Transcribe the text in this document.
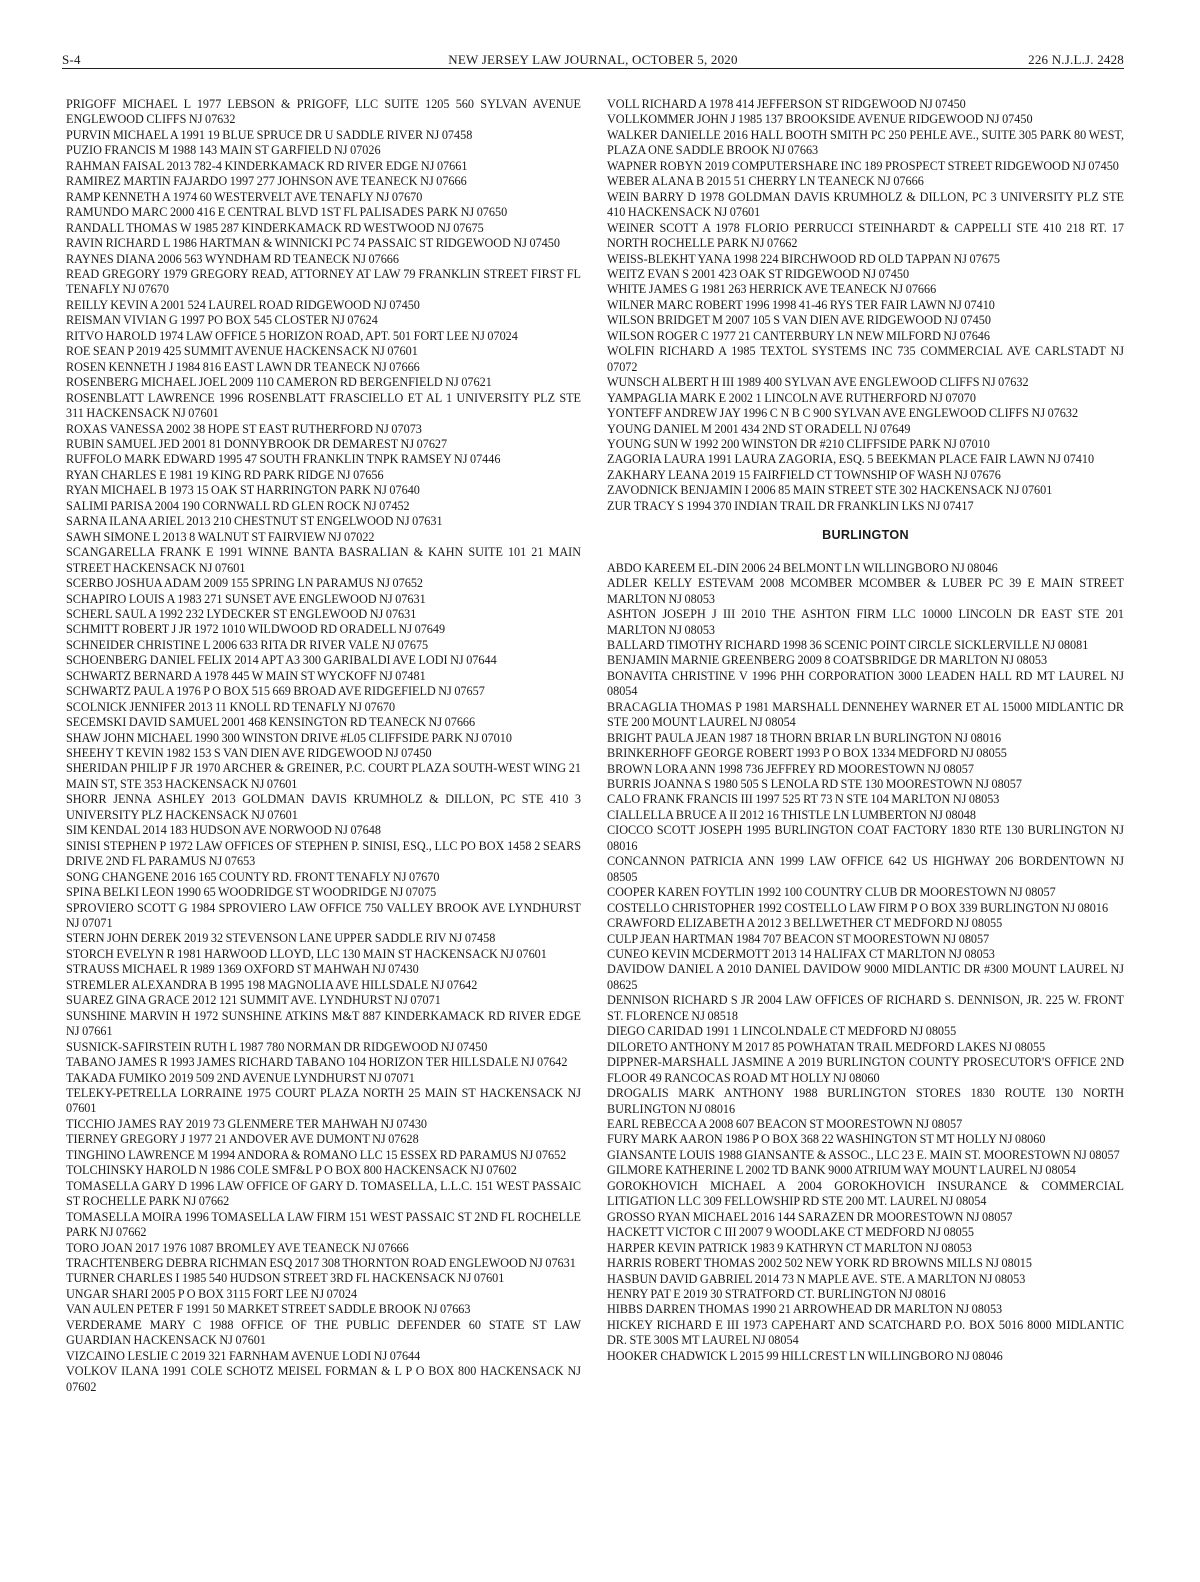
S-4	NEW JERSEY LAW JOURNAL, OCTOBER 5, 2020	226 N.J.L.J. 2428
PRIGOFF MICHAEL L 1977 LEBSON & PRIGOFF, LLC SUITE 1205 560 SYLVAN AVENUE ENGLEWOOD CLIFFS NJ 07632
PURVIN MICHAEL A 1991 19 BLUE SPRUCE DR U SADDLE RIVER NJ 07458
PUZIO FRANCIS M 1988 143 MAIN ST GARFIELD NJ 07026
RAHMAN FAISAL 2013 782-4 KINDERKAMACK RD RIVER EDGE NJ 07661
RAMIREZ MARTIN FAJARDO 1997 277 JOHNSON AVE TEANECK NJ 07666
RAMP KENNETH A 1974 60 WESTERVELT AVE TENAFLY NJ 07670
RAMUNDO MARC 2000 416 E CENTRAL BLVD 1ST FL PALISADES PARK NJ 07650
RANDALL THOMAS W 1985 287 KINDERKAMACK RD WESTWOOD NJ 07675
RAVIN RICHARD L 1986 HARTMAN & WINNICKI PC 74 PASSAIC ST RIDGEWOOD NJ 07450
RAYNES DIANA 2006 563 WYNDHAM RD TEANECK NJ 07666
READ GREGORY 1979 GREGORY READ, ATTORNEY AT LAW 79 FRANKLIN STREET FIRST FL TENAFLY NJ 07670
REILLY KEVIN A 2001 524 LAUREL ROAD RIDGEWOOD NJ 07450
REISMAN VIVIAN G 1997 PO BOX 545 CLOSTER NJ 07624
RITVO HAROLD 1974 LAW OFFICE 5 HORIZON ROAD, APT. 501 FORT LEE NJ 07024
ROE SEAN P 2019 425 SUMMIT AVENUE HACKENSACK NJ 07601
ROSEN KENNETH J 1984 816 EAST LAWN DR TEANECK NJ 07666
ROSENBERG MICHAEL JOEL 2009 110 CAMERON RD BERGENFIELD NJ 07621
ROSENBLATT LAWRENCE 1996 ROSENBLATT FRASCIELLO ET AL 1 UNIVERSITY PLZ STE 311 HACKENSACK NJ 07601
ROXAS VANESSA 2002 38 HOPE ST EAST RUTHERFORD NJ 07073
RUBIN SAMUEL JED 2001 81 DONNYBROOK DR DEMAREST NJ 07627
RUFFOLO MARK EDWARD 1995 47 SOUTH FRANKLIN TNPK RAMSEY NJ 07446
RYAN CHARLES E 1981 19 KING RD PARK RIDGE NJ 07656
RYAN MICHAEL B 1973 15 OAK ST HARRINGTON PARK NJ 07640
SALIMI PARISA 2004 190 CORNWALL RD GLEN ROCK NJ 07452
SARNA ILANA ARIEL 2013 210 CHESTNUT ST ENGELWOOD NJ 07631
SAWH SIMONE L 2013 8 WALNUT ST FAIRVIEW NJ 07022
SCANGARELLA FRANK E 1991 WINNE BANTA BASRALIAN & KAHN SUITE 101 21 MAIN STREET HACKENSACK NJ 07601
SCERBO JOSHUA ADAM 2009 155 SPRING LN PARAMUS NJ 07652
SCHAPIRO LOUIS A 1983 271 SUNSET AVE ENGLEWOOD NJ 07631
SCHERL SAUL A 1992 232 LYDECKER ST ENGLEWOOD NJ 07631
SCHMITT ROBERT J JR 1972 1010 WILDWOOD RD ORADELL NJ 07649
SCHNEIDER CHRISTINE L 2006 633 RITA DR RIVER VALE NJ 07675
SCHOENBERG DANIEL FELIX 2014 APT A3 300 GARIBALDI AVE LODI NJ 07644
SCHWARTZ BERNARD A 1978 445 W MAIN ST WYCKOFF NJ 07481
SCHWARTZ PAUL A 1976 P O BOX 515 669 BROAD AVE RIDGEFIELD NJ 07657
SCOLNICK JENNIFER 2013 11 KNOLL RD TENAFLY NJ 07670
SECEMSKI DAVID SAMUEL 2001 468 KENSINGTON RD TEANECK NJ 07666
SHAW JOHN MICHAEL 1990 300 WINSTON DRIVE #L05 CLIFFSIDE PARK NJ 07010
SHEEHY T KEVIN 1982 153 S VAN DIEN AVE RIDGEWOOD NJ 07450
SHERIDAN PHILIP F JR 1970 ARCHER & GREINER, P.C. COURT PLAZA SOUTH-WEST WING 21 MAIN ST, STE 353 HACKENSACK NJ 07601
SHORR JENNA ASHLEY 2013 GOLDMAN DAVIS KRUMHOLZ & DILLON, PC STE 410 3 UNIVERSITY PLZ HACKENSACK NJ 07601
SIM KENDAL 2014 183 HUDSON AVE NORWOOD NJ 07648
SINISI STEPHEN P 1972 LAW OFFICES OF STEPHEN P. SINISI, ESQ., LLC PO BOX 1458 2 SEARS DRIVE 2ND FL PARAMUS NJ 07653
SONG CHANGENE 2016 165 COUNTY RD. FRONT TENAFLY NJ 07670
SPINA BELKI LEON 1990 65 WOODRIDGE ST WOODRIDGE NJ 07075
SPROVIERO SCOTT G 1984 SPROVIERO LAW OFFICE 750 VALLEY BROOK AVE LYNDHURST NJ 07071
STERN JOHN DEREK 2019 32 STEVENSON LANE UPPER SADDLE RIV NJ 07458
STORCH EVELYN R 1981 HARWOOD LLOYD, LLC 130 MAIN ST HACKENSACK NJ 07601
STRAUSS MICHAEL R 1989 1369 OXFORD ST MAHWAH NJ 07430
STREMLER ALEXANDRA B 1995 198 MAGNOLIA AVE HILLSDALE NJ 07642
SUAREZ GINA GRACE 2012 121 SUMMIT AVE. LYNDHURST NJ 07071
SUNSHINE MARVIN H 1972 SUNSHINE ATKINS M&T 887 KINDERKAMACK RD RIVER EDGE NJ 07661
SUSNICK-SAFIRSTEIN RUTH L 1987 780 NORMAN DR RIDGEWOOD NJ 07450
TABANO JAMES R 1993 JAMES RICHARD TABANO 104 HORIZON TER HILLSDALE NJ 07642
TAKADA FUMIKO 2019 509 2ND AVENUE LYNDHURST NJ 07071
TELEKY-PETRELLA LORRAINE 1975 COURT PLAZA NORTH 25 MAIN ST HACKENSACK NJ 07601
TICCHIO JAMES RAY 2019 73 GLENMERE TER MAHWAH NJ 07430
TIERNEY GREGORY J 1977 21 ANDOVER AVE DUMONT NJ 07628
TINGHINO LAWRENCE M 1994 ANDORA & ROMANO LLC 15 ESSEX RD PARAMUS NJ 07652
TOLCHINSKY HAROLD N 1986 COLE SMF&L P O BOX 800 HACKENSACK NJ 07602
TOMASELLA GARY D 1996 LAW OFFICE OF GARY D. TOMASELLA, L.L.C. 151 WEST PASSAIC ST ROCHELLE PARK NJ 07662
TOMASELLA MOIRA 1996 TOMASELLA LAW FIRM 151 WEST PASSAIC ST 2ND FL ROCHELLE PARK NJ 07662
TORO JOAN 2017 1976 1087 BROMLEY AVE TEANECK NJ 07666
TRACHTENBERG DEBRA RICHMAN ESQ 2017 308 THORNTON ROAD ENGLEWOOD NJ 07631
TURNER CHARLES I 1985 540 HUDSON STREET 3RD FL HACKENSACK NJ 07601
UNGAR SHARI 2005 P O BOX 3115 FORT LEE NJ 07024
VAN AULEN PETER F 1991 50 MARKET STREET SADDLE BROOK NJ 07663
VERDERAME MARY C 1988 OFFICE OF THE PUBLIC DEFENDER 60 STATE ST LAW GUARDIAN HACKENSACK NJ 07601
VIZCAINO LESLIE C 2019 321 FARNHAM AVENUE LODI NJ 07644
VOLKOV ILANA 1991 COLE SCHOTZ MEISEL FORMAN & L P O BOX 800 HACKENSACK NJ 07602
VOLL RICHARD A 1978 414 JEFFERSON ST RIDGEWOOD NJ 07450
VOLLKOMMER JOHN J 1985 137 BROOKSIDE AVENUE RIDGEWOOD NJ 07450
WALKER DANIELLE 2016 HALL BOOTH SMITH PC 250 PEHLE AVE., SUITE 305 PARK 80 WEST, PLAZA ONE SADDLE BROOK NJ 07663
WAPNER ROBYN 2019 COMPUTERSHARE INC 189 PROSPECT STREET RIDGEWOOD NJ 07450
WEBER ALANA B 2015 51 CHERRY LN TEANECK NJ 07666
WEIN BARRY D 1978 GOLDMAN DAVIS KRUMHOLZ & DILLON, PC 3 UNIVERSITY PLZ STE 410 HACKENSACK NJ 07601
WEINER SCOTT A 1978 FLORIO PERRUCCI STEINHARDT & CAPPELLI STE 410 218 RT. 17 NORTH ROCHELLE PARK NJ 07662
WEISS-BLEKHT YANA 1998 224 BIRCHWOOD RD OLD TAPPAN NJ 07675
WEITZ EVAN S 2001 423 OAK ST RIDGEWOOD NJ 07450
WHITE JAMES G 1981 263 HERRICK AVE TEANECK NJ 07666
WILNER MARC ROBERT 1996 1998 41-46 RYS TER FAIR LAWN NJ 07410
WILSON BRIDGET M 2007 105 S VAN DIEN AVE RIDGEWOOD NJ 07450
WILSON ROGER C 1977 21 CANTERBURY LN NEW MILFORD NJ 07646
WOLFIN RICHARD A 1985 TEXTOL SYSTEMS INC 735 COMMERCIAL AVE CARLSTADT NJ 07072
WUNSCH ALBERT H III 1989 400 SYLVAN AVE ENGLEWOOD CLIFFS NJ 07632
YAMPAGLIA MARK E 2002 1 LINCOLN AVE RUTHERFORD NJ 07070
YONTEFF ANDREW JAY 1996 C N B C 900 SYLVAN AVE ENGLEWOOD CLIFFS NJ 07632
YOUNG DANIEL M 2001 434 2ND ST ORADELL NJ 07649
YOUNG SUN W 1992 200 WINSTON DR #210 CLIFFSIDE PARK NJ 07010
ZAGORIA LAURA 1991 LAURA ZAGORIA, ESQ. 5 BEEKMAN PLACE FAIR LAWN NJ 07410
ZAKHARY LEANA 2019 15 FAIRFIELD CT TOWNSHIP OF WASH NJ 07676
ZAVODNICK BENJAMIN I 2006 85 MAIN STREET STE 302 HACKENSACK NJ 07601
ZUR TRACY S 1994 370 INDIAN TRAIL DR FRANKLIN LKS NJ 07417
BURLINGTON
ABDO KAREEM EL-DIN 2006 24 BELMONT LN WILLINGBORO NJ 08046
ADLER KELLY ESTEVAM 2008 MCOMBER MCOMBER & LUBER PC 39 E MAIN STREET MARLTON NJ 08053
ASHTON JOSEPH J III 2010 THE ASHTON FIRM LLC 10000 LINCOLN DR EAST STE 201 MARLTON NJ 08053
BALLARD TIMOTHY RICHARD 1998 36 SCENIC POINT CIRCLE SICKLERVILLE NJ 08081
BENJAMIN MARNIE GREENBERG 2009 8 COATSBRIDGE DR MARLTON NJ 08053
BONAVITA CHRISTINE V 1996 PHH CORPORATION 3000 LEADEN HALL RD MT LAUREL NJ 08054
BRACAGLIA THOMAS P 1981 MARSHALL DENNEHEY WARNER ET AL 15000 MIDLANTIC DR STE 200 MOUNT LAUREL NJ 08054
BRIGHT PAULA JEAN 1987 18 THORN BRIAR LN BURLINGTON NJ 08016
BRINKERHOFF GEORGE ROBERT 1993 P O BOX 1334 MEDFORD NJ 08055
BROWN LORA ANN 1998 736 JEFFREY RD MOORESTOWN NJ 08057
BURRIS JOANNA S 1980 505 S LENOLA RD STE 130 MOORESTOWN NJ 08057
CALO FRANK FRANCIS III 1997 525 RT 73 N STE 104 MARLTON NJ 08053
CIALLELLA BRUCE A II 2012 16 THISTLE LN LUMBERTON NJ 08048
CIOCCO SCOTT JOSEPH 1995 BURLINGTON COAT FACTORY 1830 RTE 130 BURLINGTON NJ 08016
CONCANNON PATRICIA ANN 1999 LAW OFFICE 642 US HIGHWAY 206 BORDENTOWN NJ 08505
COOPER KAREN FOYTLIN 1992 100 COUNTRY CLUB DR MOORESTOWN NJ 08057
COSTELLO CHRISTOPHER 1992 COSTELLO LAW FIRM P O BOX 339 BURLINGTON NJ 08016
CRAWFORD ELIZABETH A 2012 3 BELLWETHER CT MEDFORD NJ 08055
CULP JEAN HARTMAN 1984 707 BEACON ST MOORESTOWN NJ 08057
CUNEO KEVIN MCDERMOTT 2013 14 HALIFAX CT MARLTON NJ 08053
DAVIDOW DANIEL A 2010 DANIEL DAVIDOW 9000 MIDLANTIC DR #300 MOUNT LAUREL NJ 08625
DENNISON RICHARD S JR 2004 LAW OFFICES OF RICHARD S. DENNISON, JR. 225 W. FRONT ST. FLORENCE NJ 08518
DIEGO CARIDAD 1991 1 LINCOLNDALE CT MEDFORD NJ 08055
DILORETO ANTHONY M 2017 85 POWHATAN TRAIL MEDFORD LAKES NJ 08055
DIPPNER-MARSHALL JASMINE A 2019 BURLINGTON COUNTY PROSECUTOR'S OFFICE 2ND FLOOR 49 RANCOCAS ROAD MT HOLLY NJ 08060
DROGALIS MARK ANTHONY 1988 BURLINGTON STORES 1830 ROUTE 130 NORTH BURLINGTON NJ 08016
EARL REBECCA A 2008 607 BEACON ST MOORESTOWN NJ 08057
FURY MARK AARON 1986 P O BOX 368 22 WASHINGTON ST MT HOLLY NJ 08060
GIANSANTE LOUIS 1988 GIANSANTE & ASSOC., LLC 23 E. MAIN ST. MOORESTOWN NJ 08057
GILMORE KATHERINE L 2002 TD BANK 9000 ATRIUM WAY MOUNT LAUREL NJ 08054
GOROKHOVICH MICHAEL A 2004 GOROKHOVICH INSURANCE & COMMERCIAL LITIGATION LLC 309 FELLOWSHIP RD STE 200 MT. LAUREL NJ 08054
GROSSO RYAN MICHAEL 2016 144 SARAZEN DR MOORESTOWN NJ 08057
HACKETT VICTOR C III 2007 9 WOODLAKE CT MEDFORD NJ 08055
HARPER KEVIN PATRICK 1983 9 KATHRYN CT MARLTON NJ 08053
HARRIS ROBERT THOMAS 2002 502 NEW YORK RD BROWNS MILLS NJ 08015
HASBUN DAVID GABRIEL 2014 73 N MAPLE AVE. STE. A MARLTON NJ 08053
HENRY PAT E 2019 30 STRATFORD CT. BURLINGTON NJ 08016
HIBBS DARREN THOMAS 1990 21 ARROWHEAD DR MARLTON NJ 08053
HICKEY RICHARD E III 1973 CAPEHART AND SCATCHARD P.O. BOX 5016 8000 MIDLANTIC DR. STE 300S MT LAUREL NJ 08054
HOOKER CHADWICK L 2015 99 HILLCREST LN WILLINGBORO NJ 08046
